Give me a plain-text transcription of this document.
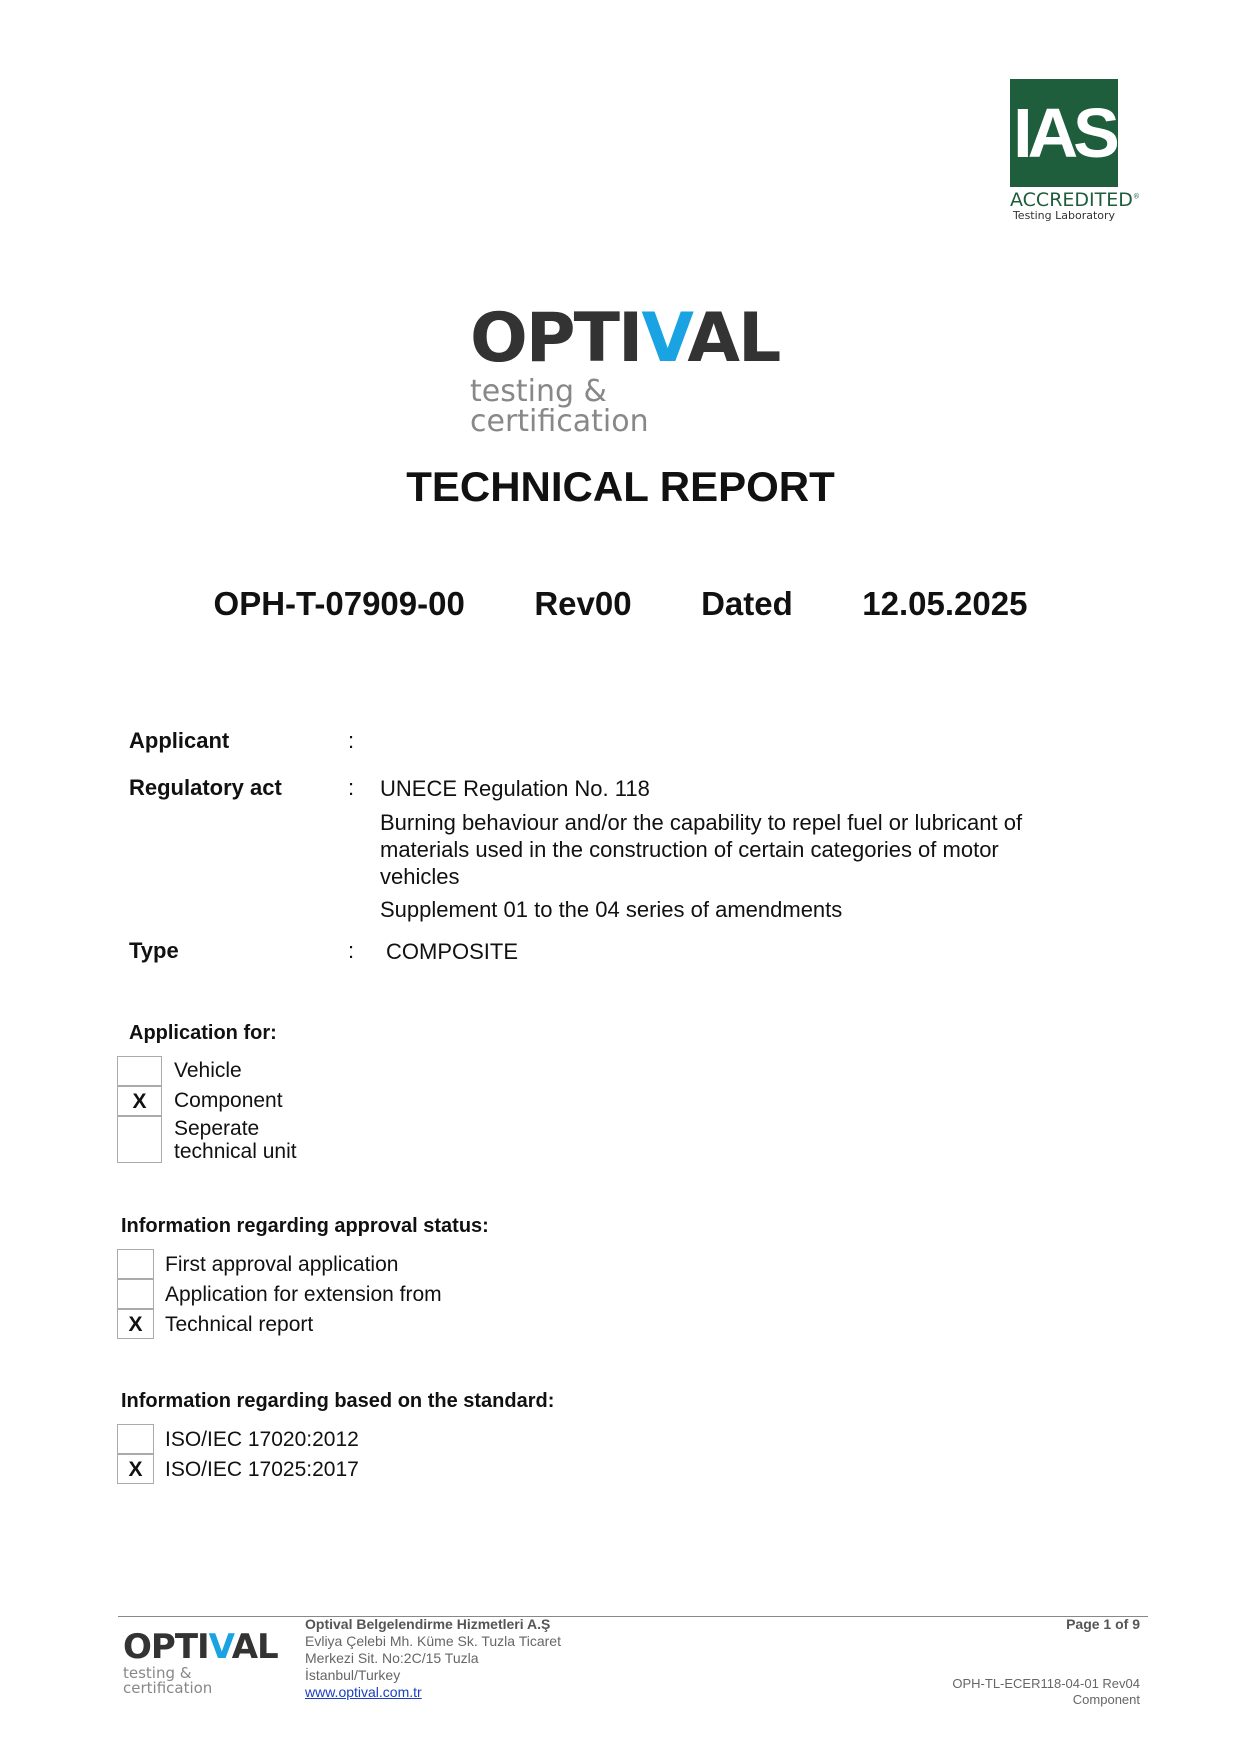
IAS
ACCREDITED®
Testing Laboratory
OPTIVAL
testing & certification
TECHNICAL REPORT
OPH-T-07909-00   Rev00   Dated   12.05.2025
Applicant	:
Regulatory act	: UNECE Regulation No. 118
Burning behaviour and/or the capability to repel fuel or lubricant of materials used in the construction of certain categories of motor vehicles
Supplement 01 to the 04 series of amendments
Type	: COMPOSITE
Application for:
Vehicle
X	Component
Seperate technical unit
Information regarding approval status:
First approval application
Application for extension from
X	Technical report
Information regarding based on the standard:
ISO/IEC 17020:2012
X	ISO/IEC 17025:2017
OPTIVAL
testing & certification
Optival Belgelendirme Hizmetleri A.Ş
Evliya Çelebi Mh. Küme Sk. Tuzla Ticaret
Merkezi Sit. No:2C/15 Tuzla
İstanbul/Turkey
www.optival.com.tr
Page 1 of 9
OPH-TL-ECER118-04-01 Rev04
Component
